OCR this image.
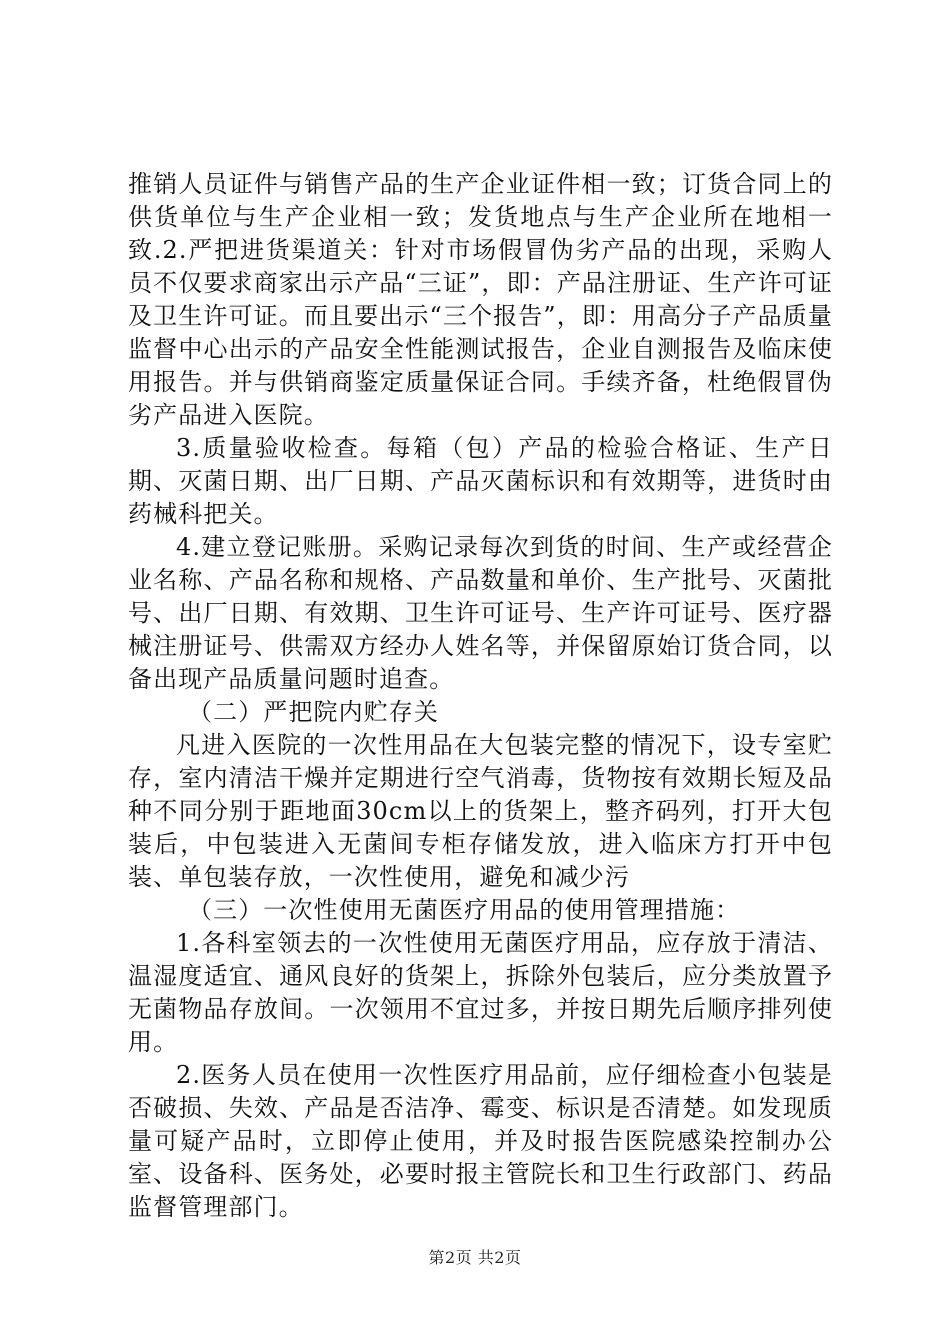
推销人员证件与销售产品的生产企业证件相一致；订货合同上的供货单位与生产企业相一致；发货地点与生产企业所在地相一致.2.严把进货渠道关：针对市场假冒伪劣产品的出现，采购人员不仅要求商家出示产品“三证”，即：产品注册证、生产许可证及卫生许可证。而且要出示“三个报告”，即：用高分子产品质量监督中心出示的产品安全性能测试报告，企业自测报告及临床使用报告。并与供销商鉴定质量保证合同。手续齐备，杜绝假冒伪劣产品进入医院。

3.质量验收检查。每箱（包）产品的检验合格证、生产日期、灭菌日期、出厂日期、产品灭菌标识和有效期等，进货时由药械科把关。

4.建立登记账册。采购记录每次到货的时间、生产或经营企业名称、产品名称和规格、产品数量和单价、生产批号、灭菌批号、出厂日期、有效期、卫生许可证号、生产许可证号、医疗器械注册证号、供需双方经办人姓名等，并保留原始订货合同，以备出现产品质量问题时追查。

（二）严把院内贮存关

凡进入医院的一次性用品在大包装完整的情况下，设专室贮存，室内清洁干燥并定期进行空气消毒，货物按有效期长短及品种不同分别于距地面30cm以上的货架上，整齐码列，打开大包装后，中包装进入无菌间专柜存储发放，进入临床方打开中包装、单包装存放，一次性使用，避免和减少污

（三）一次性使用无菌医疗用品的使用管理措施：

1.各科室领去的一次性使用无菌医疗用品，应存放于清洁、温湿度适宜、通风良好的货架上，拆除外包装后，应分类放置予无菌物品存放间。一次领用不宜过多，并按日期先后顺序排列使用。

2.医务人员在使用一次性医疗用品前，应仔细检查小包装是否破损、失效、产品是否洁净、霉变、标识是否清楚。如发现质量可疑产品时，立即停止使用，并及时报告医院感染控制办公室、设备科、医务处，必要时报主管院长和卫生行政部门、药品监督管理部门。

第2页 共2页
